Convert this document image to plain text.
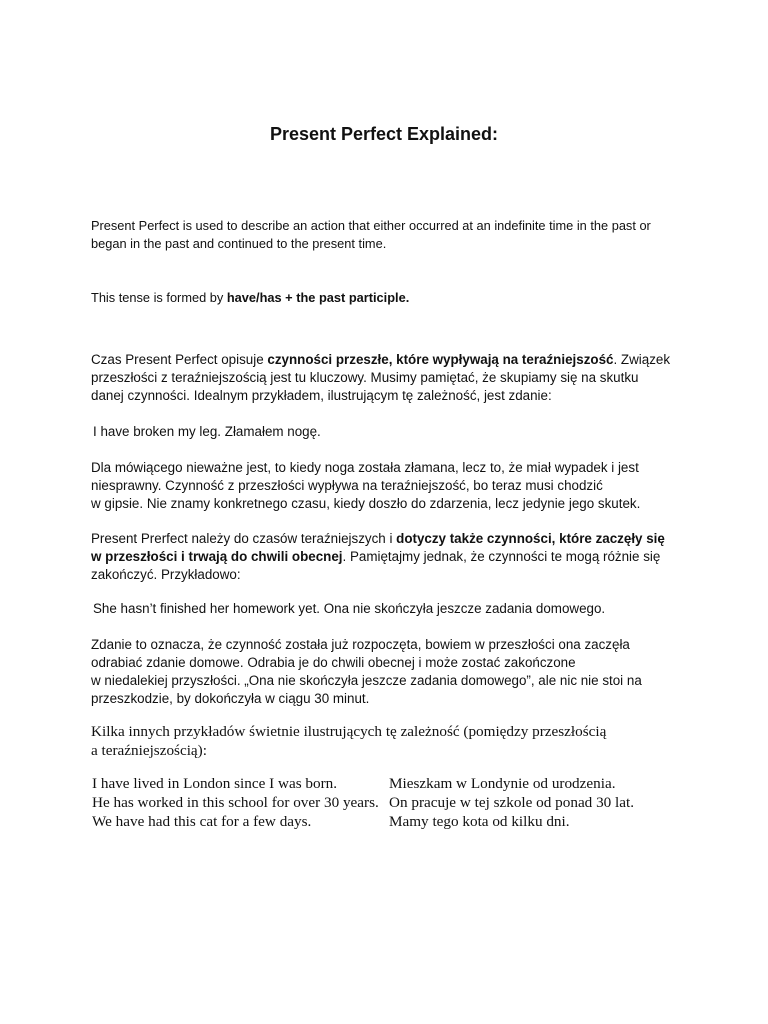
Present Perfect Explained:
Present Perfect is used to describe an action that either occurred at an indefinite time in the past or
began in the past and continued to the present time.
This tense is formed by have/has + the past participle.
Czas Present Perfect opisuje czynności przeszłe, które wypływają na teraźniejszość. Związek
przeszłości z teraźniejszością jest tu kluczowy. Musimy pamiętać, że skupiamy się na skutku
danej czynności. Idealnym przykładem, ilustrującym tę zależność, jest zdanie:
I have broken my leg. Złamałem nogę.
Dla mówiącego nieważne jest, to kiedy noga została złamana, lecz to, że miał wypadek i jest
niesprawny. Czynność z przeszłości wypływa na teraźniejszość, bo teraz musi chodzić
w gipsie. Nie znamy konkretnego czasu, kiedy doszło do zdarzenia, lecz jedynie jego skutek.
Present Prerfect należy do czasów teraźniejszych i dotyczy także czynności, które zaczęły się
w przeszłości i trwają do chwili obecnej. Pamiętajmy jednak, że czynności te mogą różnie się
zakończyć. Przykładowo:
She hasn’t finished her homework yet. Ona nie skończyła jeszcze zadania domowego.
Zdanie to oznacza, że czynność została już rozpoczęta, bowiem w przeszłości ona zaczęła
odrabiać zdanie domowe. Odrabia je do chwili obecnej i może zostać zakończone
w niedalekiej przyszłości. „Ona nie skończyła jeszcze zadania domowego”, ale nic nie stoi na
przeszkodzie, by dokończyła w ciągu 30 minut.
Kilka innych przykładów świetnie ilustrujących tę zależność (pomiędzy przeszłością
a teraźniejszością):
I have lived in London since I was born.	Mieszkam w Londynie od urodzenia.
He has worked in this school for over 30 years. On pracuje w tej szkole od ponad 30 lat.
We have had this cat for a few days.	Mamy tego kota od kilku dni.
